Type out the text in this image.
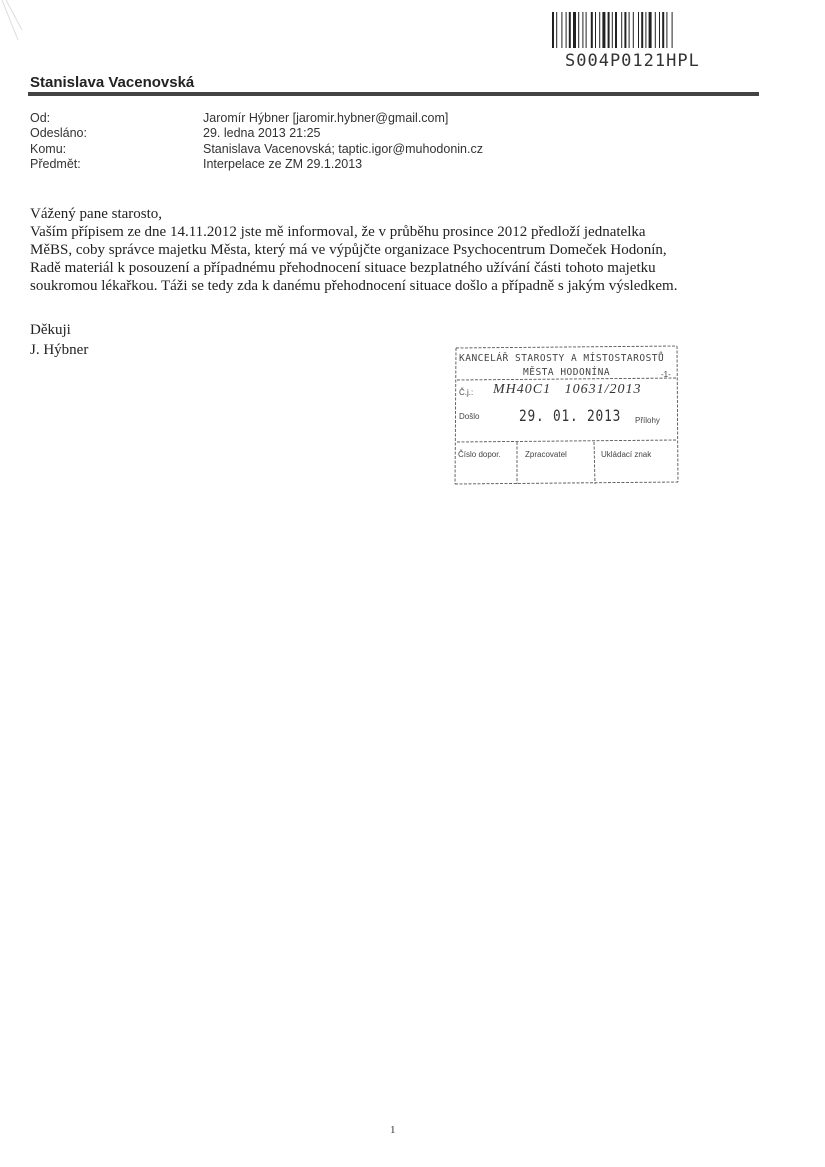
S004P0121HPL
Stanislava Vacenovská
Od:	Jaromír Hýbner [jaromir.hybner@gmail.com]
Odesláno:	29. ledna 2013 21:25
Komu:	Stanislava Vacenovská; taptic.igor@muhodonin.cz
Předmět:	Interpelace ze ZM 29.1.2013

Vážený pane starosto,

Vaším přípisem ze dne 14.11.2012 jste mě informoval, že v průběhu prosince 2012 předloží jednatelka

MěBS, coby správce majetku Města, který má ve výpůjčte organizace Psychocentrum Domeček Hodonín,

Radě materiál k posouzení a případnému přehodnocení situace bezplatného užívání části tohoto majetku

soukromou lékařkou. Táži se tedy zda k danému přehodnocení situace došlo a případně s jakým výsledkem.

Děkuji
J. Hýbner
KANCELÁŘ STAROSTY A MÍSTOSTAROSTŮ
MĚSTA HODONÍNA	-1-
Č.j.: MH40C1   10631/2013
Došlo 29. 01. 2013 Přílohy
Číslo dopor.	Zpracovatel	Ukládací znak
1
